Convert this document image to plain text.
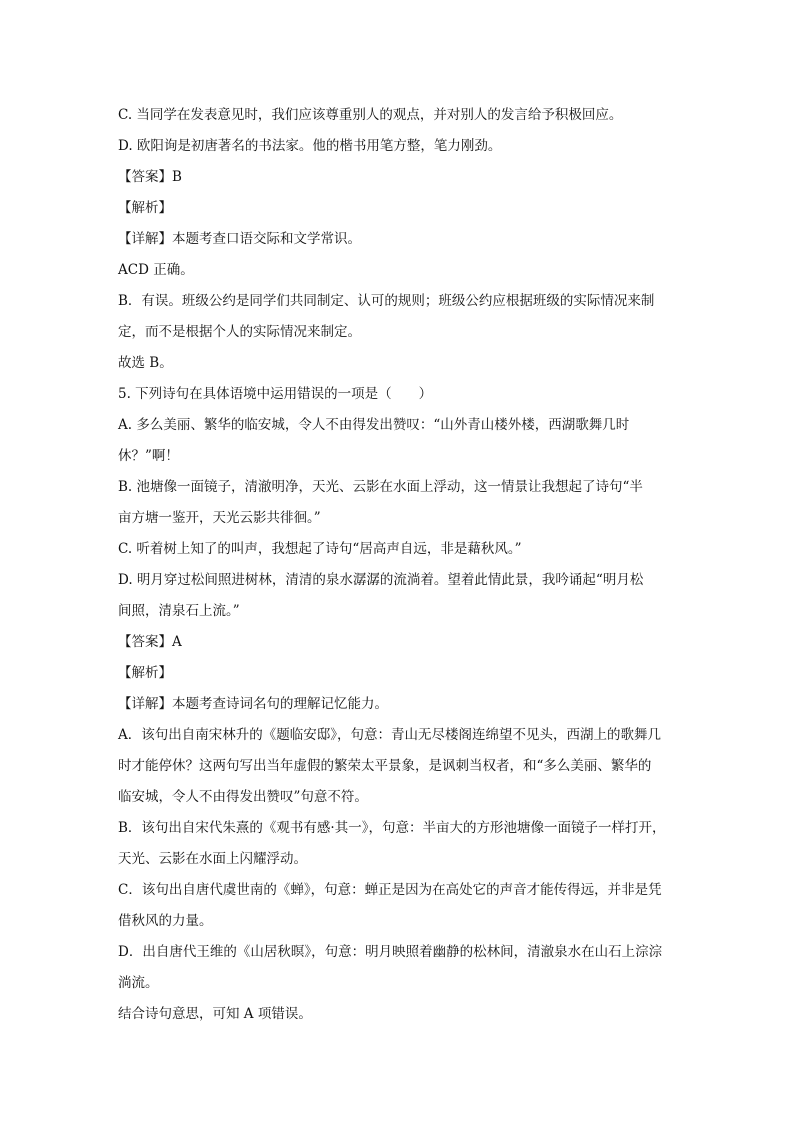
C. 当同学在发表意见时，我们应该尊重别人的观点，并对别人的发言给予积极回应。

D. 欧阳询是初唐著名的书法家。他的楷书用笔方整，笔力刚劲。

【答案】B

【解析】

【详解】本题考查口语交际和文学常识。

ACD 正确。

B．有误。班级公约是同学们共同制定、认可的规则；班级公约应根据班级的实际情况来制

定，而不是根据个人的实际情况来制定。

故选 B。

5. 下列诗句在具体语境中运用错误的一项是（　　）

A. 多么美丽、繁华的临安城，令人不由得发出赞叹：“山外青山楼外楼，西湖歌舞几时

休？”啊！

B. 池塘像一面镜子，清澈明净，天光、云影在水面上浮动，这一情景让我想起了诗句“半

亩方塘一鉴开，天光云影共徘徊。”

C. 听着树上知了的叫声，我想起了诗句“居高声自远，非是藉秋风。”

D. 明月穿过松间照进树林，清清的泉水潺潺的流淌着。望着此情此景，我吟诵起“明月松

间照，清泉石上流。”

【答案】A

【解析】

【详解】本题考查诗词名句的理解记忆能力。

A．该句出自南宋林升的《题临安邸》，句意：青山无尽楼阁连绵望不见头，西湖上的歌舞几

时才能停休？这两句写出当年虚假的繁荣太平景象，是讽刺当权者，和“多么美丽、繁华的

临安城，令人不由得发出赞叹”句意不符。

B．该句出自宋代朱熹的《观书有感·其一》，句意：半亩大的方形池塘像一面镜子一样打开，

天光、云影在水面上闪耀浮动。

C．该句出自唐代虞世南的《蝉》，句意：蝉正是因为在高处它的声音才能传得远，并非是凭

借秋风的力量。

D．出自唐代王维的《山居秋暝》，句意：明月映照着幽静的松林间，清澈泉水在山石上淙淙

淌流。

结合诗句意思，可知 A 项错误。
